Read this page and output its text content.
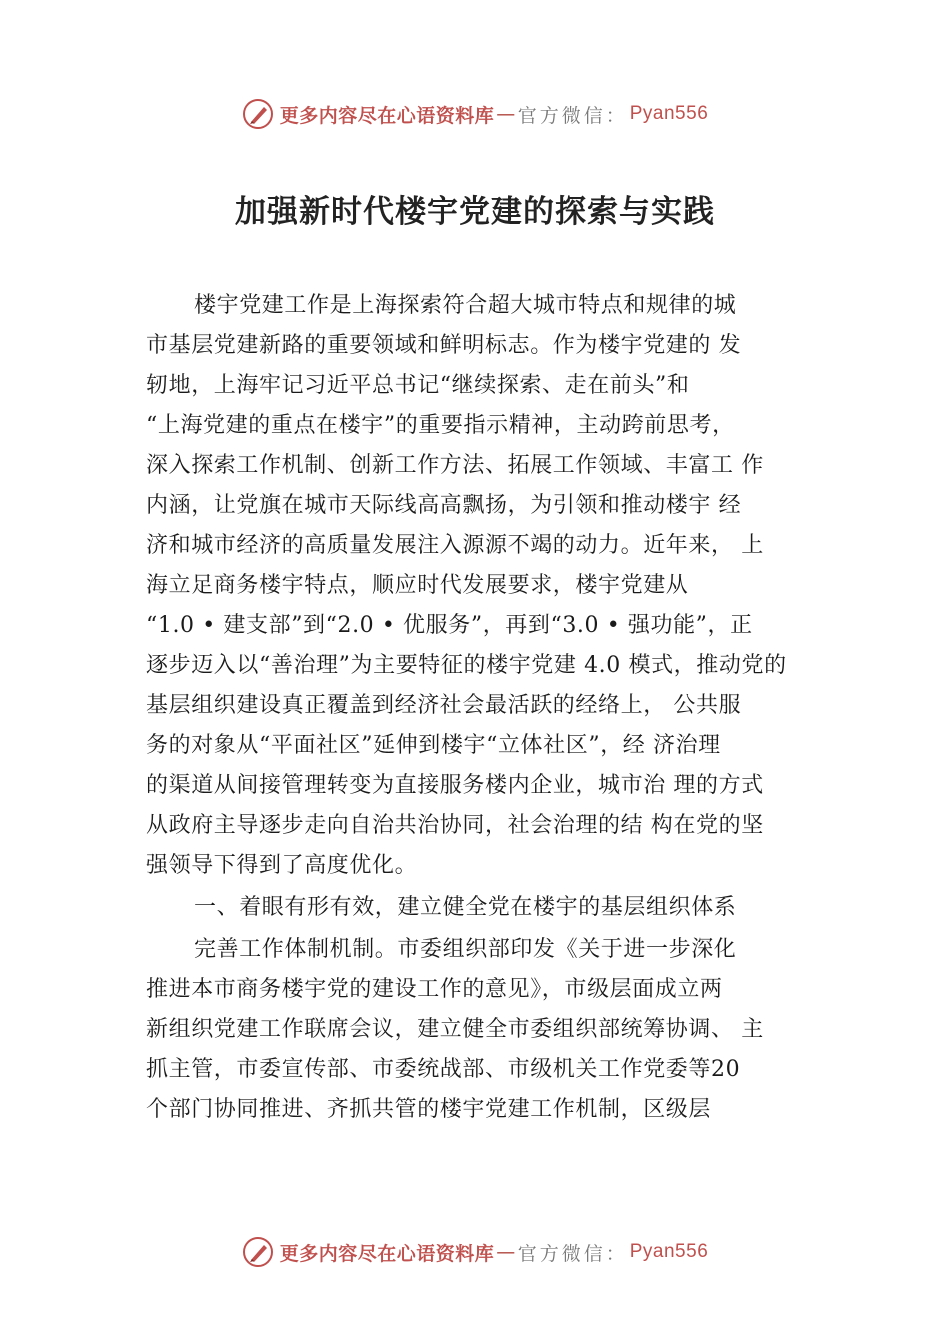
更多内容尽在心语资料库 — 官方微信： Pyan556
加强新时代楼宇党建的探索与实践
楼宇党建工作是上海探索符合超大城市特点和规律的城
市基层党建新路的重要领域和鲜明标志。作为楼宇党建的 发
轫地，上海牢记习近平总书记“继续探索、走在前头”和
“上海党建的重点在楼宇”的重要指示精神，主动跨前思考，
深入探索工作机制、创新工作方法、拓展工作领域、丰富工 作
内涵，让党旗在城市天际线高高飘扬，为引领和推动楼宇 经
济和城市经济的高质量发展注入源源不竭的动力。近年来， 上
海立足商务楼宇特点，顺应时代发展要求，楼宇党建从
“1.0 • 建支部”到“2.0 • 优服务”，再到“3.0 • 强功能”，正
逐步迈入以“善治理”为主要特征的楼宇党建 4.0 模式，推动党的
基层组织建设真正覆盖到经济社会最活跃的经络上， 公共服
务的对象从“平面社区”延伸到楼宇“立体社区”，经 济治理
的渠道从间接管理转变为直接服务楼内企业，城市治 理的方式
从政府主导逐步走向自治共治协同，社会治理的结 构在党的坚
强领导下得到了高度优化。
一、着眼有形有效，建立健全党在楼宇的基层组织体系
完善工作体制机制。市委组织部印发《关于进一步深化
推进本市商务楼宇党的建设工作的意见》，市级层面成立两
新组织党建工作联席会议，建立健全市委组织部统筹协调、 主
抓主管，市委宣传部、市委统战部、市级机关工作党委等20
个部门协同推进、齐抓共管的楼宇党建工作机制，区级层
更多内容尽在心语资料库 — 官方微信： Pyan556
